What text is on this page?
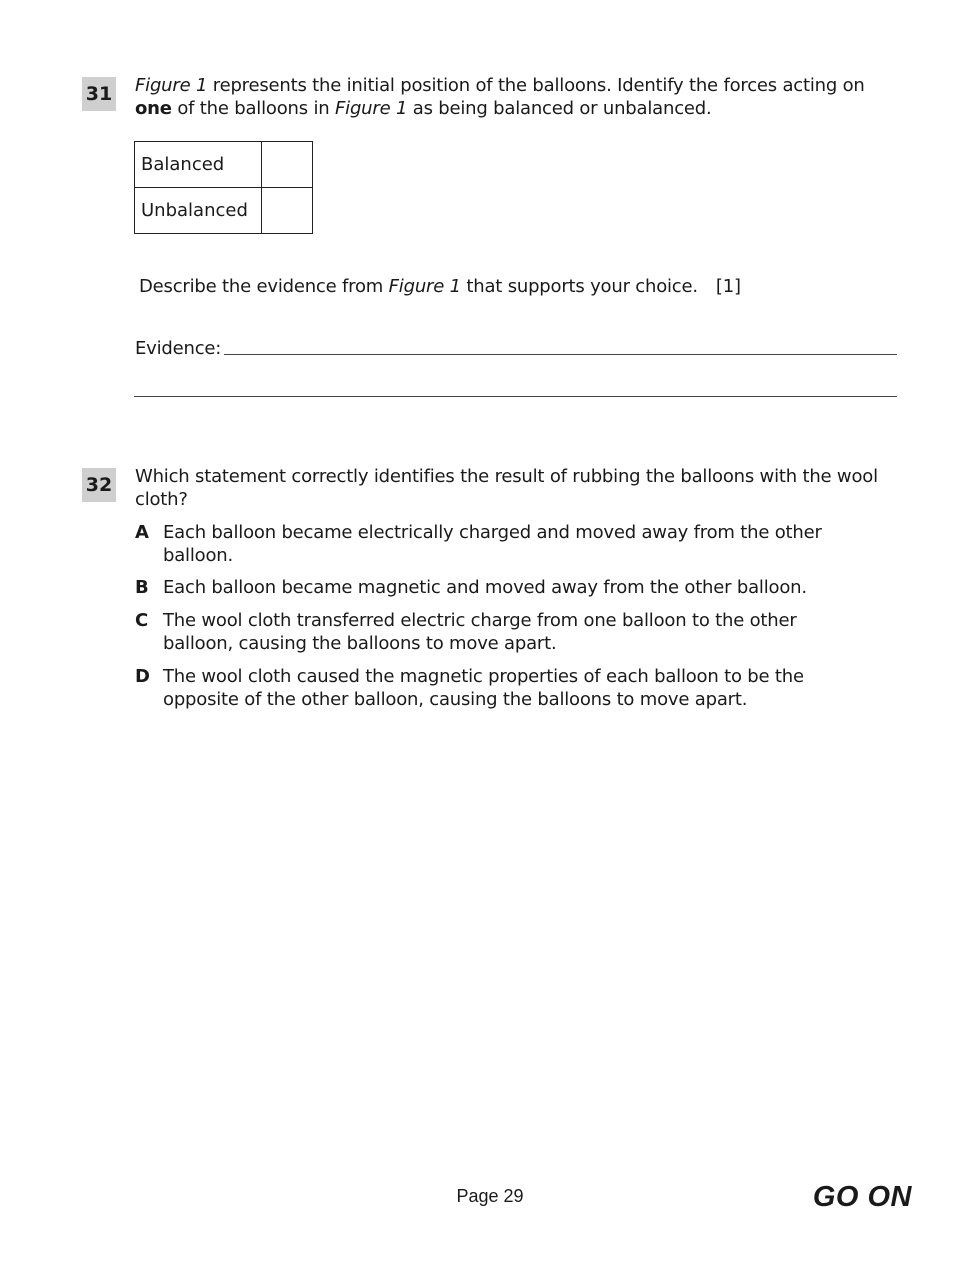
31 Figure 1 represents the initial position of the balloons. Identify the forces acting on one of the balloons in Figure 1 as being balanced or unbalanced.
Balanced	
Unbalanced	
Describe the evidence from Figure 1 that supports your choice. [1]
Evidence:
32 Which statement correctly identifies the result of rubbing the balloons with the wool cloth?
A Each balloon became electrically charged and moved away from the other balloon.
B Each balloon became magnetic and moved away from the other balloon.
C The wool cloth transferred electric charge from one balloon to the other balloon, causing the balloons to move apart.
D The wool cloth caused the magnetic properties of each balloon to be the opposite of the other balloon, causing the balloons to move apart.
Page 29	GO ON
